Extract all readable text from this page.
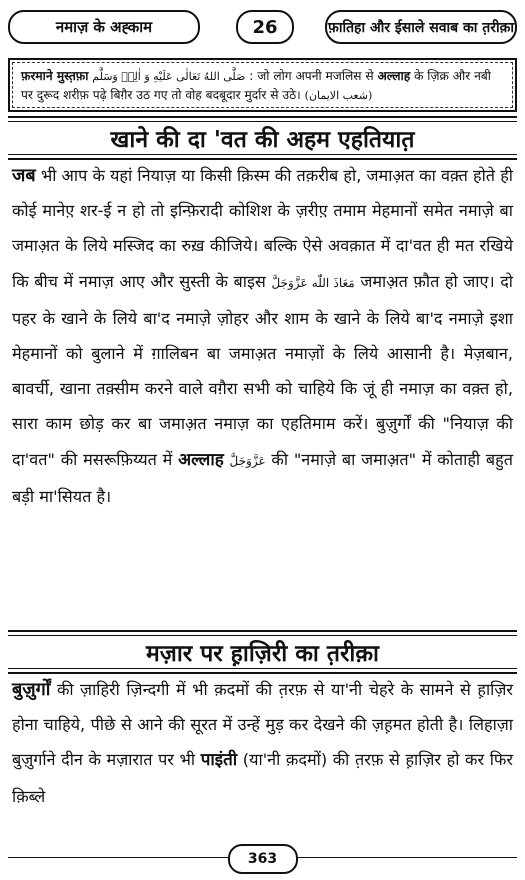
नमाज़ के अह्काम	26	फ़ातिहा और ईसाले सवाब का त़रीक़ा
फ़रमाने मुस्त़फ़ा صَلَّى اللهُ تَعَالٰی عَلَيْهِ وَ اٰلِهٖ وَسَلَّم : जो लोग अपनी मजलिस से अल्लाह के ज़िक्र और नबी पर दुरूद शरीफ़ पढ़े बिग़ैर उठ गए तो वोह बदबूदार मुर्दार से उठे। (شعب الايمان)
खाने की दा 'वत की अहम एहतियात़
जब भी आप के यहां नियाज़ या किसी क़िस्म की तक़रीब हो, जमाअ़त का वक़्त होते ही कोई मानेए़ शर-ई न हो तो इन्फ़िरादी कोशिश के ज़रीए़ तमाम मेहमानों समेत नमाज़े बा जमाअ़त के लिये मस्जिद का रुख़ कीजिये। बल्कि ऐसे अवक़ात में दा'वत ही मत रखिये कि बीच में नमाज़ आए और सुस्ती के बाइस مَعَاذَ اللّٰه عَزَّوَجَلَّ जमाअ़त फ़ौत हो जाए। दो पहर के खाने के लिये बा'द नमाज़े ज़ोहर और शाम के खाने के लिये बा'द नमाज़े इशा मेहमानों को बुलाने में ग़ालिबन बा जमाअ़त नमाज़ों के लिये आसानी है। मेज़बान, बावर्ची, खाना तक़्सीम करने वाले वग़ैरा सभी को चाहिये कि जूं ही नमाज़ का वक़्त हो, सारा काम छोड़ कर बा जमाअ़त नमाज़ का एहतिमाम करें। बुज़ुर्गों की "नियाज़ की दा'वत" की मसरूफ़िय्यत में अल्लाह عَزَّوَجَلَّ की "नमाज़े बा जमाअ़त" में कोताही बहुत बड़ी मा'सियत है।
मज़ार पर ह़ाज़िरी का त़रीक़ा
बुज़ुर्गों की ज़ाहिरी ज़िन्दगी में भी क़दमों की त़रफ़ से या'नी चेहरे के सामने से ह़ाज़िर होना चाहिये, पीछे से आने की सूरत में उन्हें मुड़ कर देखने की ज़ह़मत होती है। लिहाज़ा बुज़ुर्गाने दीन के मज़ारात पर भी पाइंती (या'नी क़दमों) की त़रफ़ से ह़ाज़िर हो कर फिर क़िब्ले
363
